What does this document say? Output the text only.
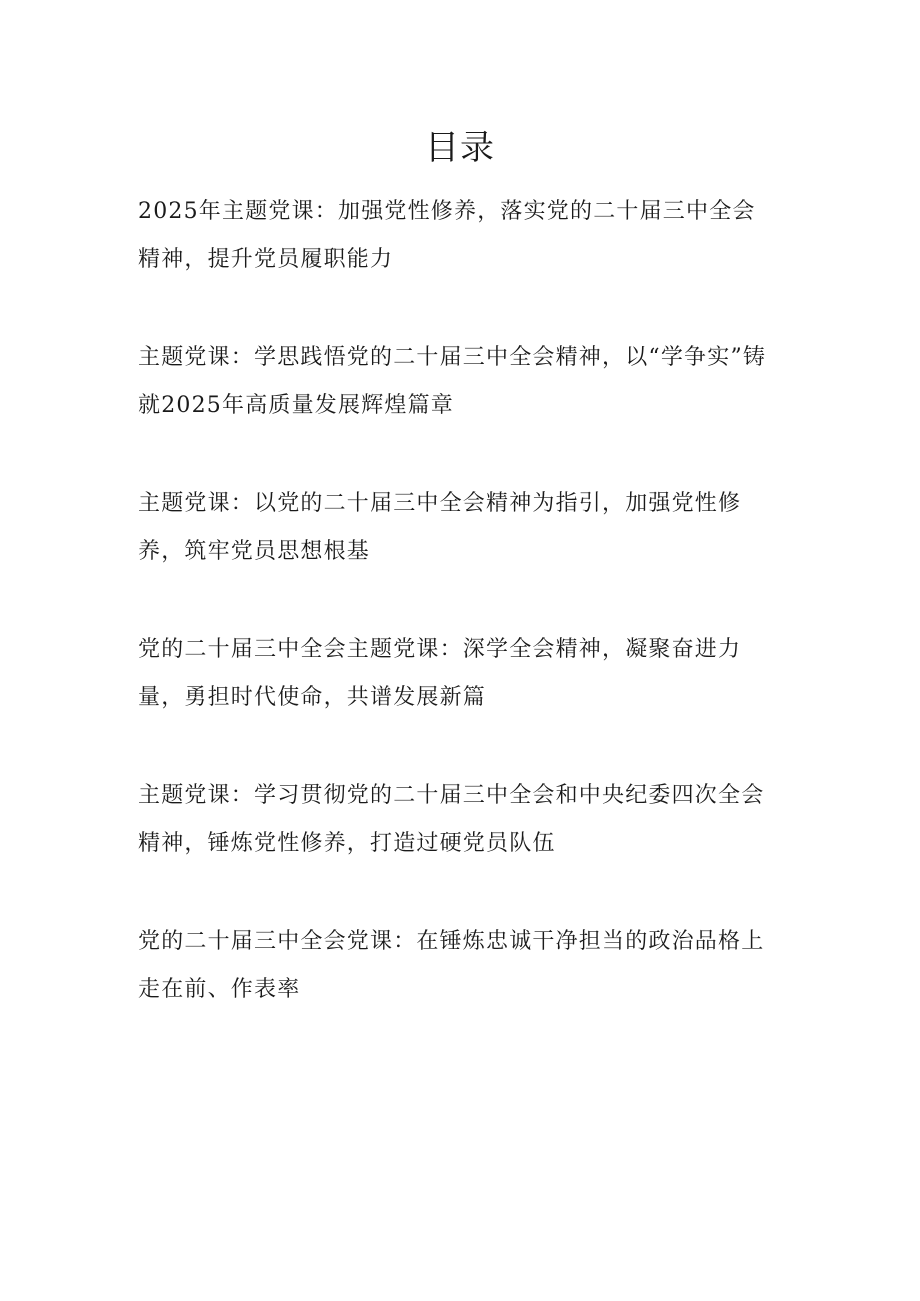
目录
2025年主题党课：加强党性修养，落实党的二十届三中全会精神，提升党员履职能力
主题党课：学思践悟党的二十届三中全会精神，以“学争实”铸就2025年高质量发展辉煌篇章
主题党课：以党的二十届三中全会精神为指引，加强党性修养，筑牢党员思想根基
党的二十届三中全会主题党课：深学全会精神，凝聚奋进力量，勇担时代使命，共谱发展新篇
主题党课：学习贯彻党的二十届三中全会和中央纪委四次全会精神，锤炼党性修养，打造过硬党员队伍
党的二十届三中全会党课：在锤炼忠诚干净担当的政治品格上走在前、作表率
